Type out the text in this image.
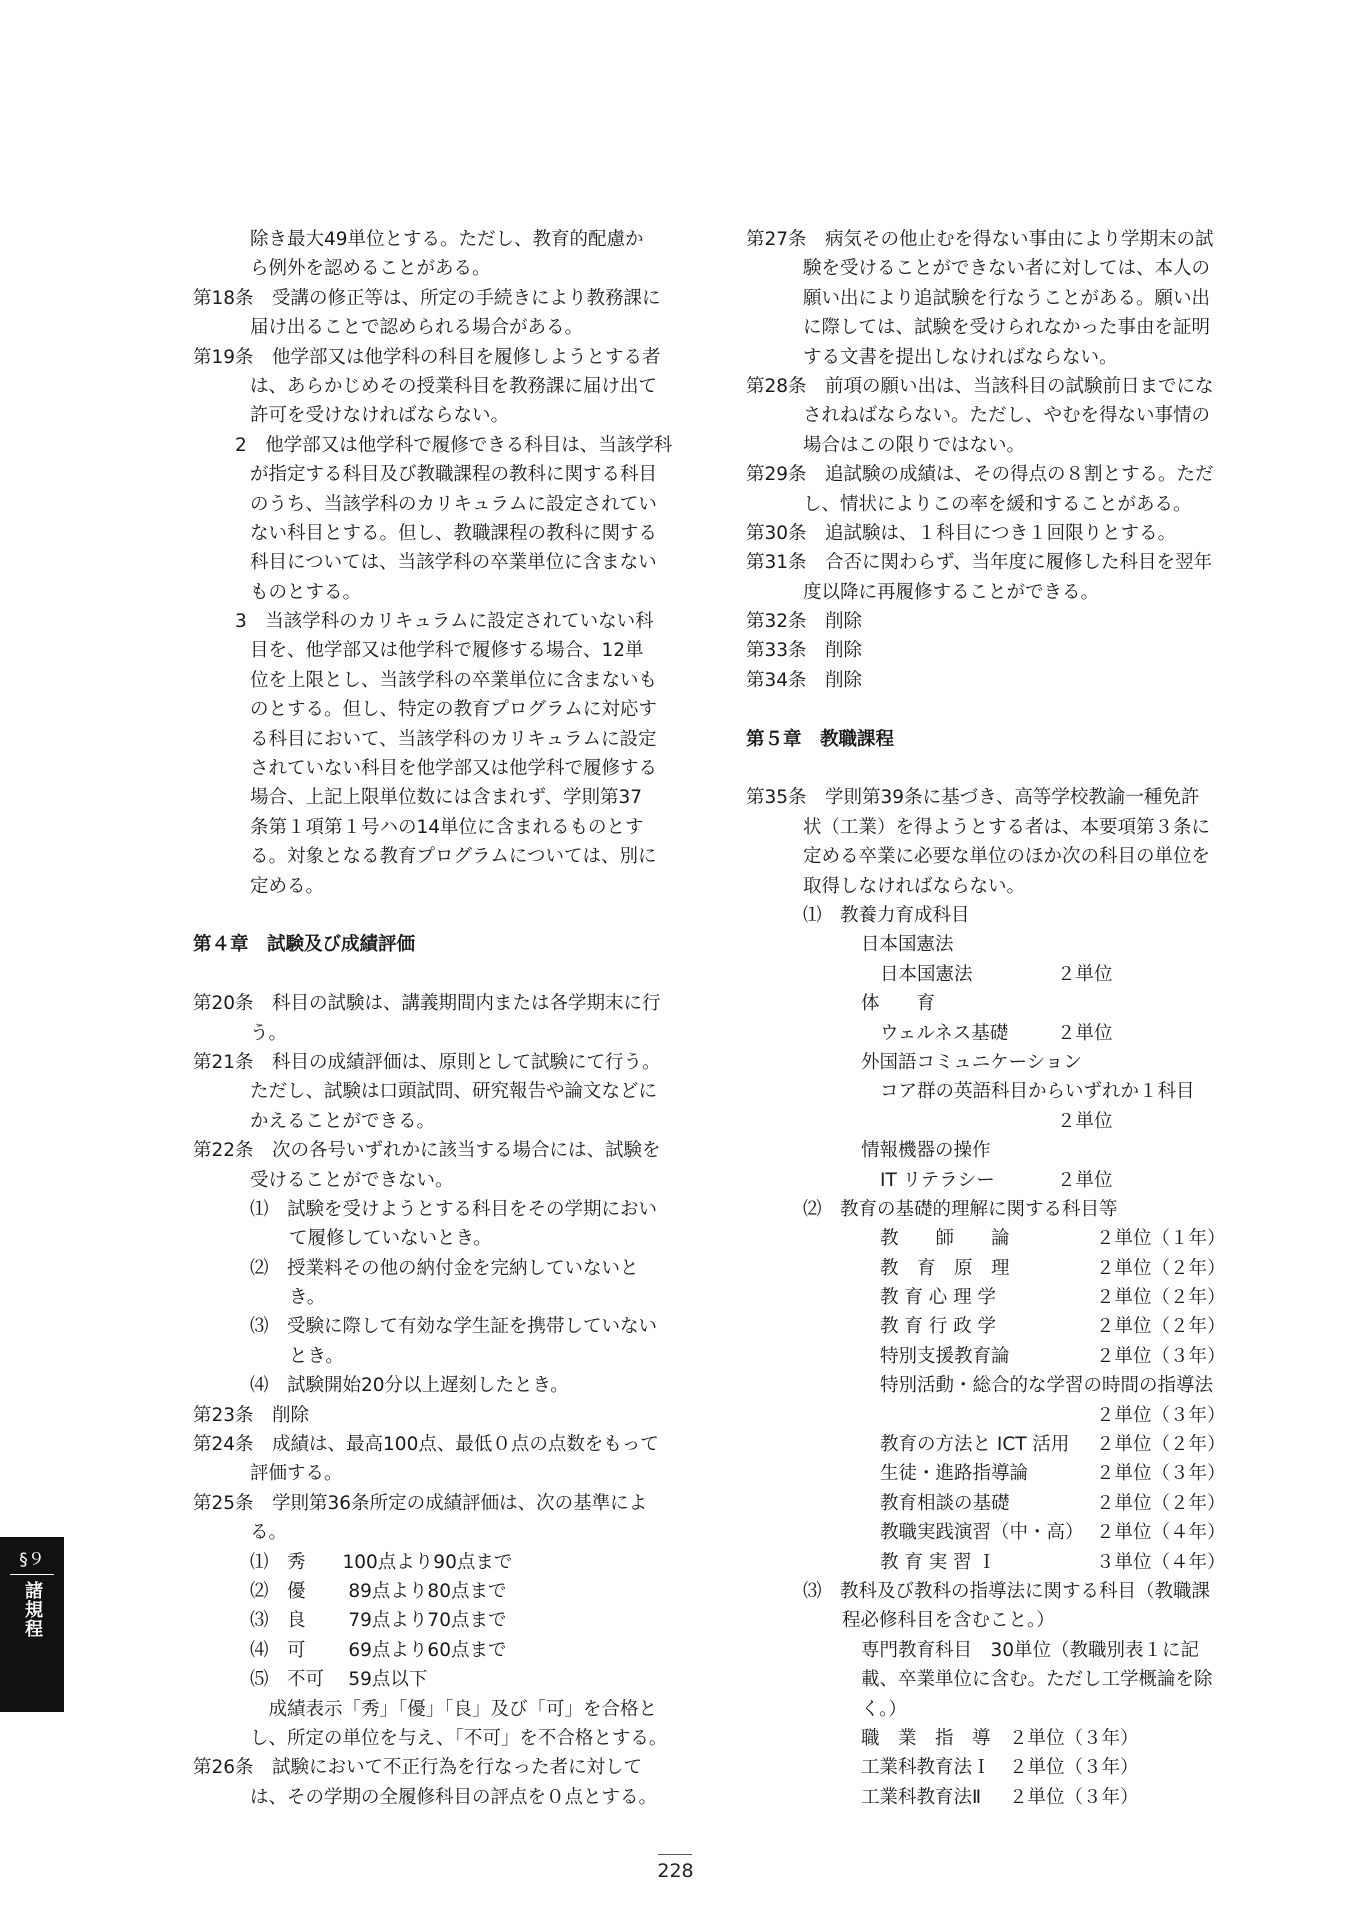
除き最大49単位とする。ただし、教育的配慮か
ら例外を認めることがある。
第18条　受講の修正等は、所定の手続きにより教務課に
届け出ることで認められる場合がある。
第19条　他学部又は他学科の科目を履修しようとする者
は、あらかじめその授業科目を教務課に届け出て
許可を受けなければならない。
2　他学部又は他学科で履修できる科目は、当該学科
が指定する科目及び教職課程の教科に関する科目
のうち、当該学科のカリキュラムに設定されてい
ない科目とする。但し、教職課程の教科に関する
科目については、当該学科の卒業単位に含まない
ものとする。
3　当該学科のカリキュラムに設定されていない科
目を、他学部又は他学科で履修する場合、12単
位を上限とし、当該学科の卒業単位に含まないも
のとする。但し、特定の教育プログラムに対応す
る科目において、当該学科のカリキュラムに設定
されていない科目を他学部又は他学科で履修する
場合、上記上限単位数には含まれず、学則第37
条第１項第１号ハの14単位に含まれるものとす
る。対象となる教育プログラムについては、別に
定める。
第４章　試験及び成績評価
第20条　科目の試験は、講義期間内または各学期末に行
う。
第21条　科目の成績評価は、原則として試験にて行う。
ただし、試験は口頭試問、研究報告や論文などに
かえることができる。
第22条　次の各号いずれかに該当する場合には、試験を
受けることができない。
⑴　試験を受けようとする科目をその学期におい
て履修していないとき。
⑵　授業料その他の納付金を完納していないと
き。
⑶　受験に際して有効な学生証を携帯していない
とき。
⑷　試験開始20分以上遅刻したとき。
第23条　削除
第24条　成績は、最高100点、最低０点の点数をもって
評価する。
第25条　学則第36条所定の成績評価は、次の基準によ
る。
⑴　秀　　100点より90点まで
⑵　優　　 89点より80点まで
⑶　良　　 79点より70点まで
⑷　可　　 69点より60点まで
⑸　不可　 59点以下
　成績表示「秀」「優」「良」及び「可」を合格と
し、所定の単位を与え、「不可」を不合格とする。
第26条　試験において不正行為を行なった者に対して
は、その学期の全履修科目の評点を０点とする。
第27条　病気その他止むを得ない事由により学期末の試
験を受けることができない者に対しては、本人の
願い出により追試験を行なうことがある。願い出
に際しては、試験を受けられなかった事由を証明
する文書を提出しなければならない。
第28条　前項の願い出は、当該科目の試験前日までにな
されねばならない。ただし、やむを得ない事情の
場合はこの限りではない。
第29条　追試験の成績は、その得点の８割とする。ただ
し、情状によりこの率を緩和することがある。
第30条　追試験は、１科目につき１回限りとする。
第31条　合否に関わらず、当年度に履修した科目を翌年
度以降に再履修することができる。
第32条　削除
第33条　削除
第34条　削除
第５章　教職課程
第35条　学則第39条に基づき、高等学校教諭一種免許
状（工業）を得ようとする者は、本要項第３条に
定める卒業に必要な単位のほか次の科目の単位を
取得しなければならない。
⑴　教養力育成科目
日本国憲法
日本国憲法	２単位
体　　育
ウェルネス基礎	２単位
外国語コミュニケーション
コア群の英語科目からいずれか１科目
２単位
情報機器の操作
IT リテラシー	２単位
⑵　教育の基礎的理解に関する科目等
教　　師　　論	２単位（１年）
教　育　原　理	２単位（２年）
教 育 心 理 学	２単位（２年）
教 育 行 政 学	２単位（２年）
特別支援教育論	２単位（３年）
特別活動・総合的な学習の時間の指導法
２単位（３年）
教育の方法と ICT 活用 ２単位（２年）
生徒・進路指導論	２単位（３年）
教育相談の基礎	２単位（２年）
教職実践演習（中・高） ２単位（４年）
教 育 実 習 Ｉ	３単位（４年）
⑶　教科及び教科の指導法に関する科目（教職課
程必修科目を含むこと。）
専門教育科目　30単位（教職別表１に記
載、卒業単位に含む。ただし工学概論を除
く。）
職　業　指　導 ２単位（３年）
工業科教育法Ｉ ２単位（３年）
工業科教育法Ⅱ ２単位（３年）
§９
諸規程
228
